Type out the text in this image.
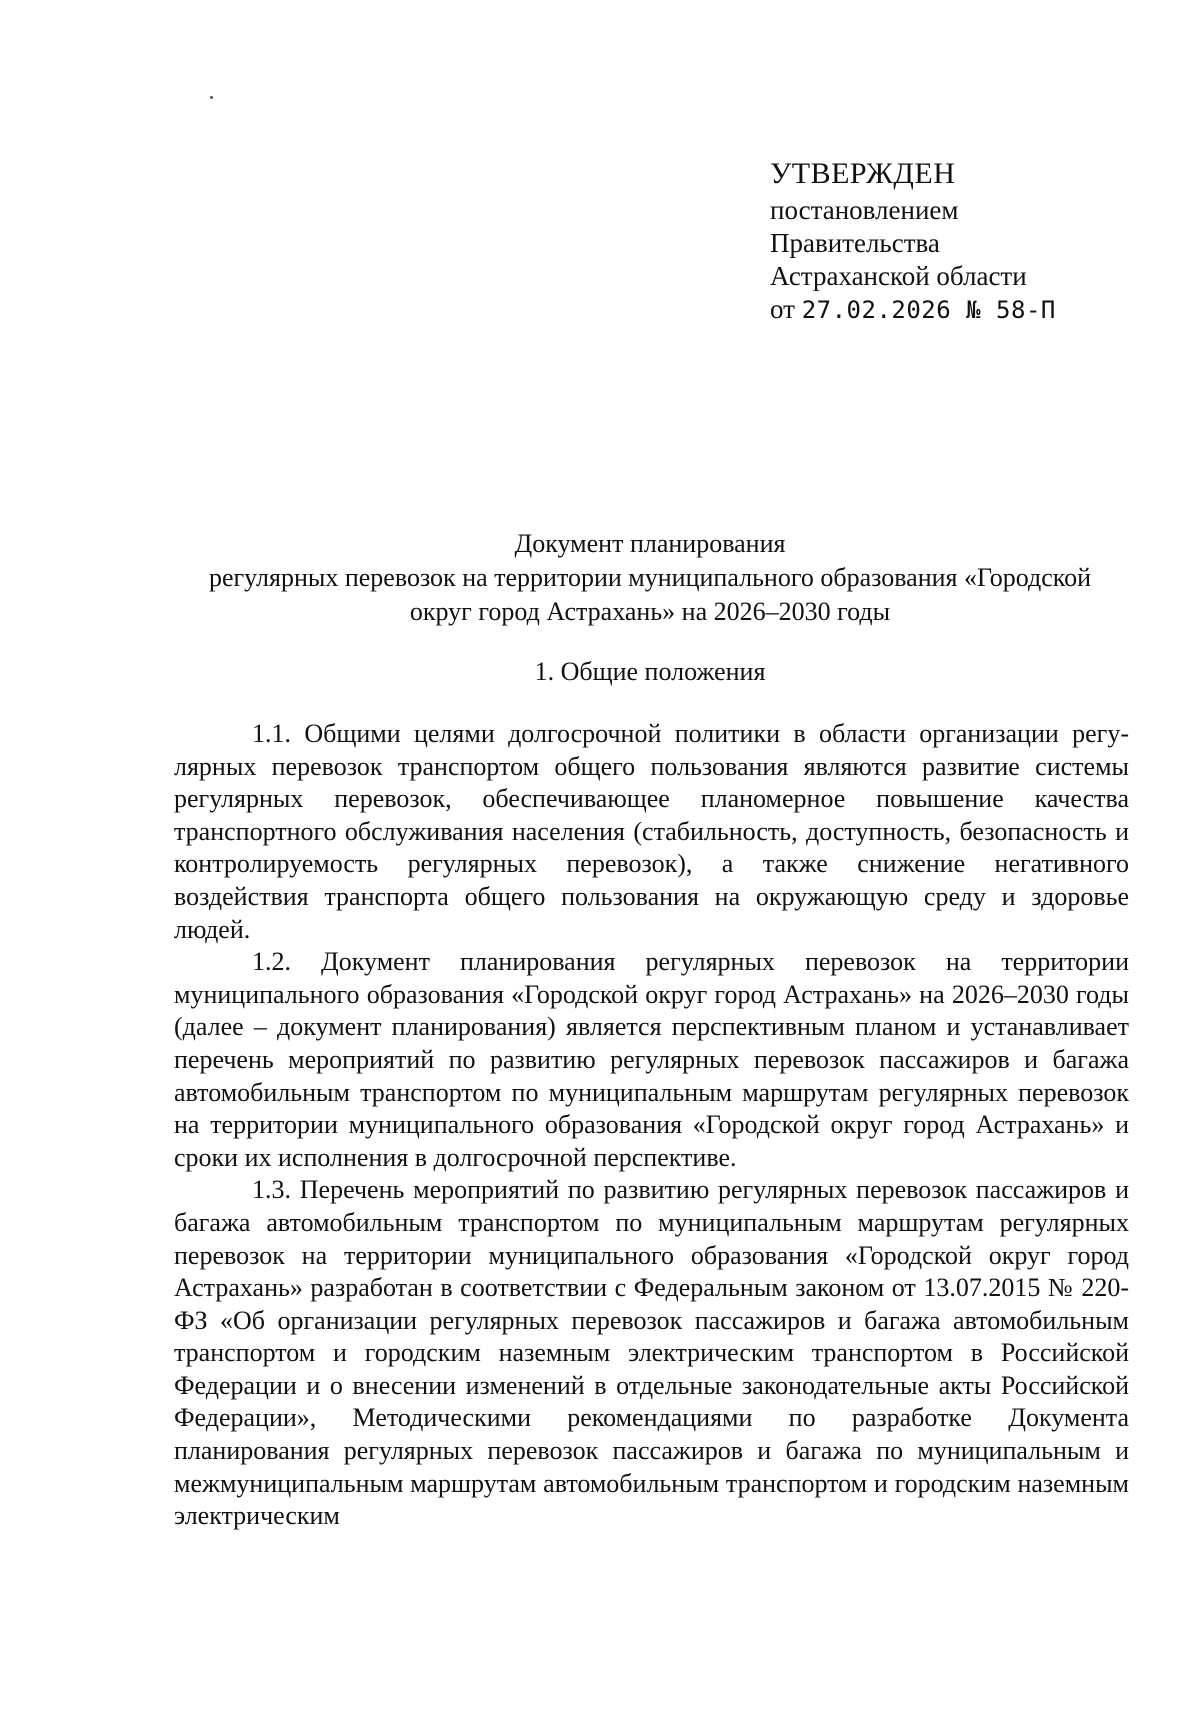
УТВЕРЖДЕН
постановлением
Правительства
Астраханской области
от 27.02.2026 № 58-П
Документ планирования
регулярных перевозок на территории муниципального образования «Городской
округ город Астрахань» на 2026–2030 годы
1. Общие положения

1.1. Общими целями долгосрочной политики в области организации регулярных перевозок транспортом общего пользования являются развитие системы регулярных перевозок, обеспечивающее планомерное повышение качества транспортного обслуживания населения (стабильность, доступность, безопасность и контролируемость регулярных перевозок), а также снижение негативного воздействия транспорта общего пользования на окружающую среду и здоровье людей.

1.2. Документ планирования регулярных перевозок на территории муниципального образования «Городской округ город Астрахань» на 2026–2030 годы (далее – документ планирования) является перспективным планом и устанавливает перечень мероприятий по развитию регулярных перевозок пассажиров и багажа автомобильным транспортом по муниципальным маршрутам регулярных перевозок на территории муниципального образования «Городской округ город Астрахань» и сроки их исполнения в долгосрочной перспективе.

1.3. Перечень мероприятий по развитию регулярных перевозок пассажиров и багажа автомобильным транспортом по муниципальным маршрутам регулярных перевозок на территории муниципального образования «Городской округ город Астрахань» разработан в соответствии с Федеральным законом от 13.07.2015 № 220-ФЗ «Об организации регулярных перевозок пассажиров и багажа автомобильным транспортом и городским наземным электрическим транспортом в Российской Федерации и о внесении изменений в отдельные законодательные акты Российской Федерации», Методическими рекомендациями по разработке Документа планирования регулярных перевозок пассажиров и багажа по муниципальным и межмуниципальным маршрутам автомобильным транспортом и городским наземным электрическим
